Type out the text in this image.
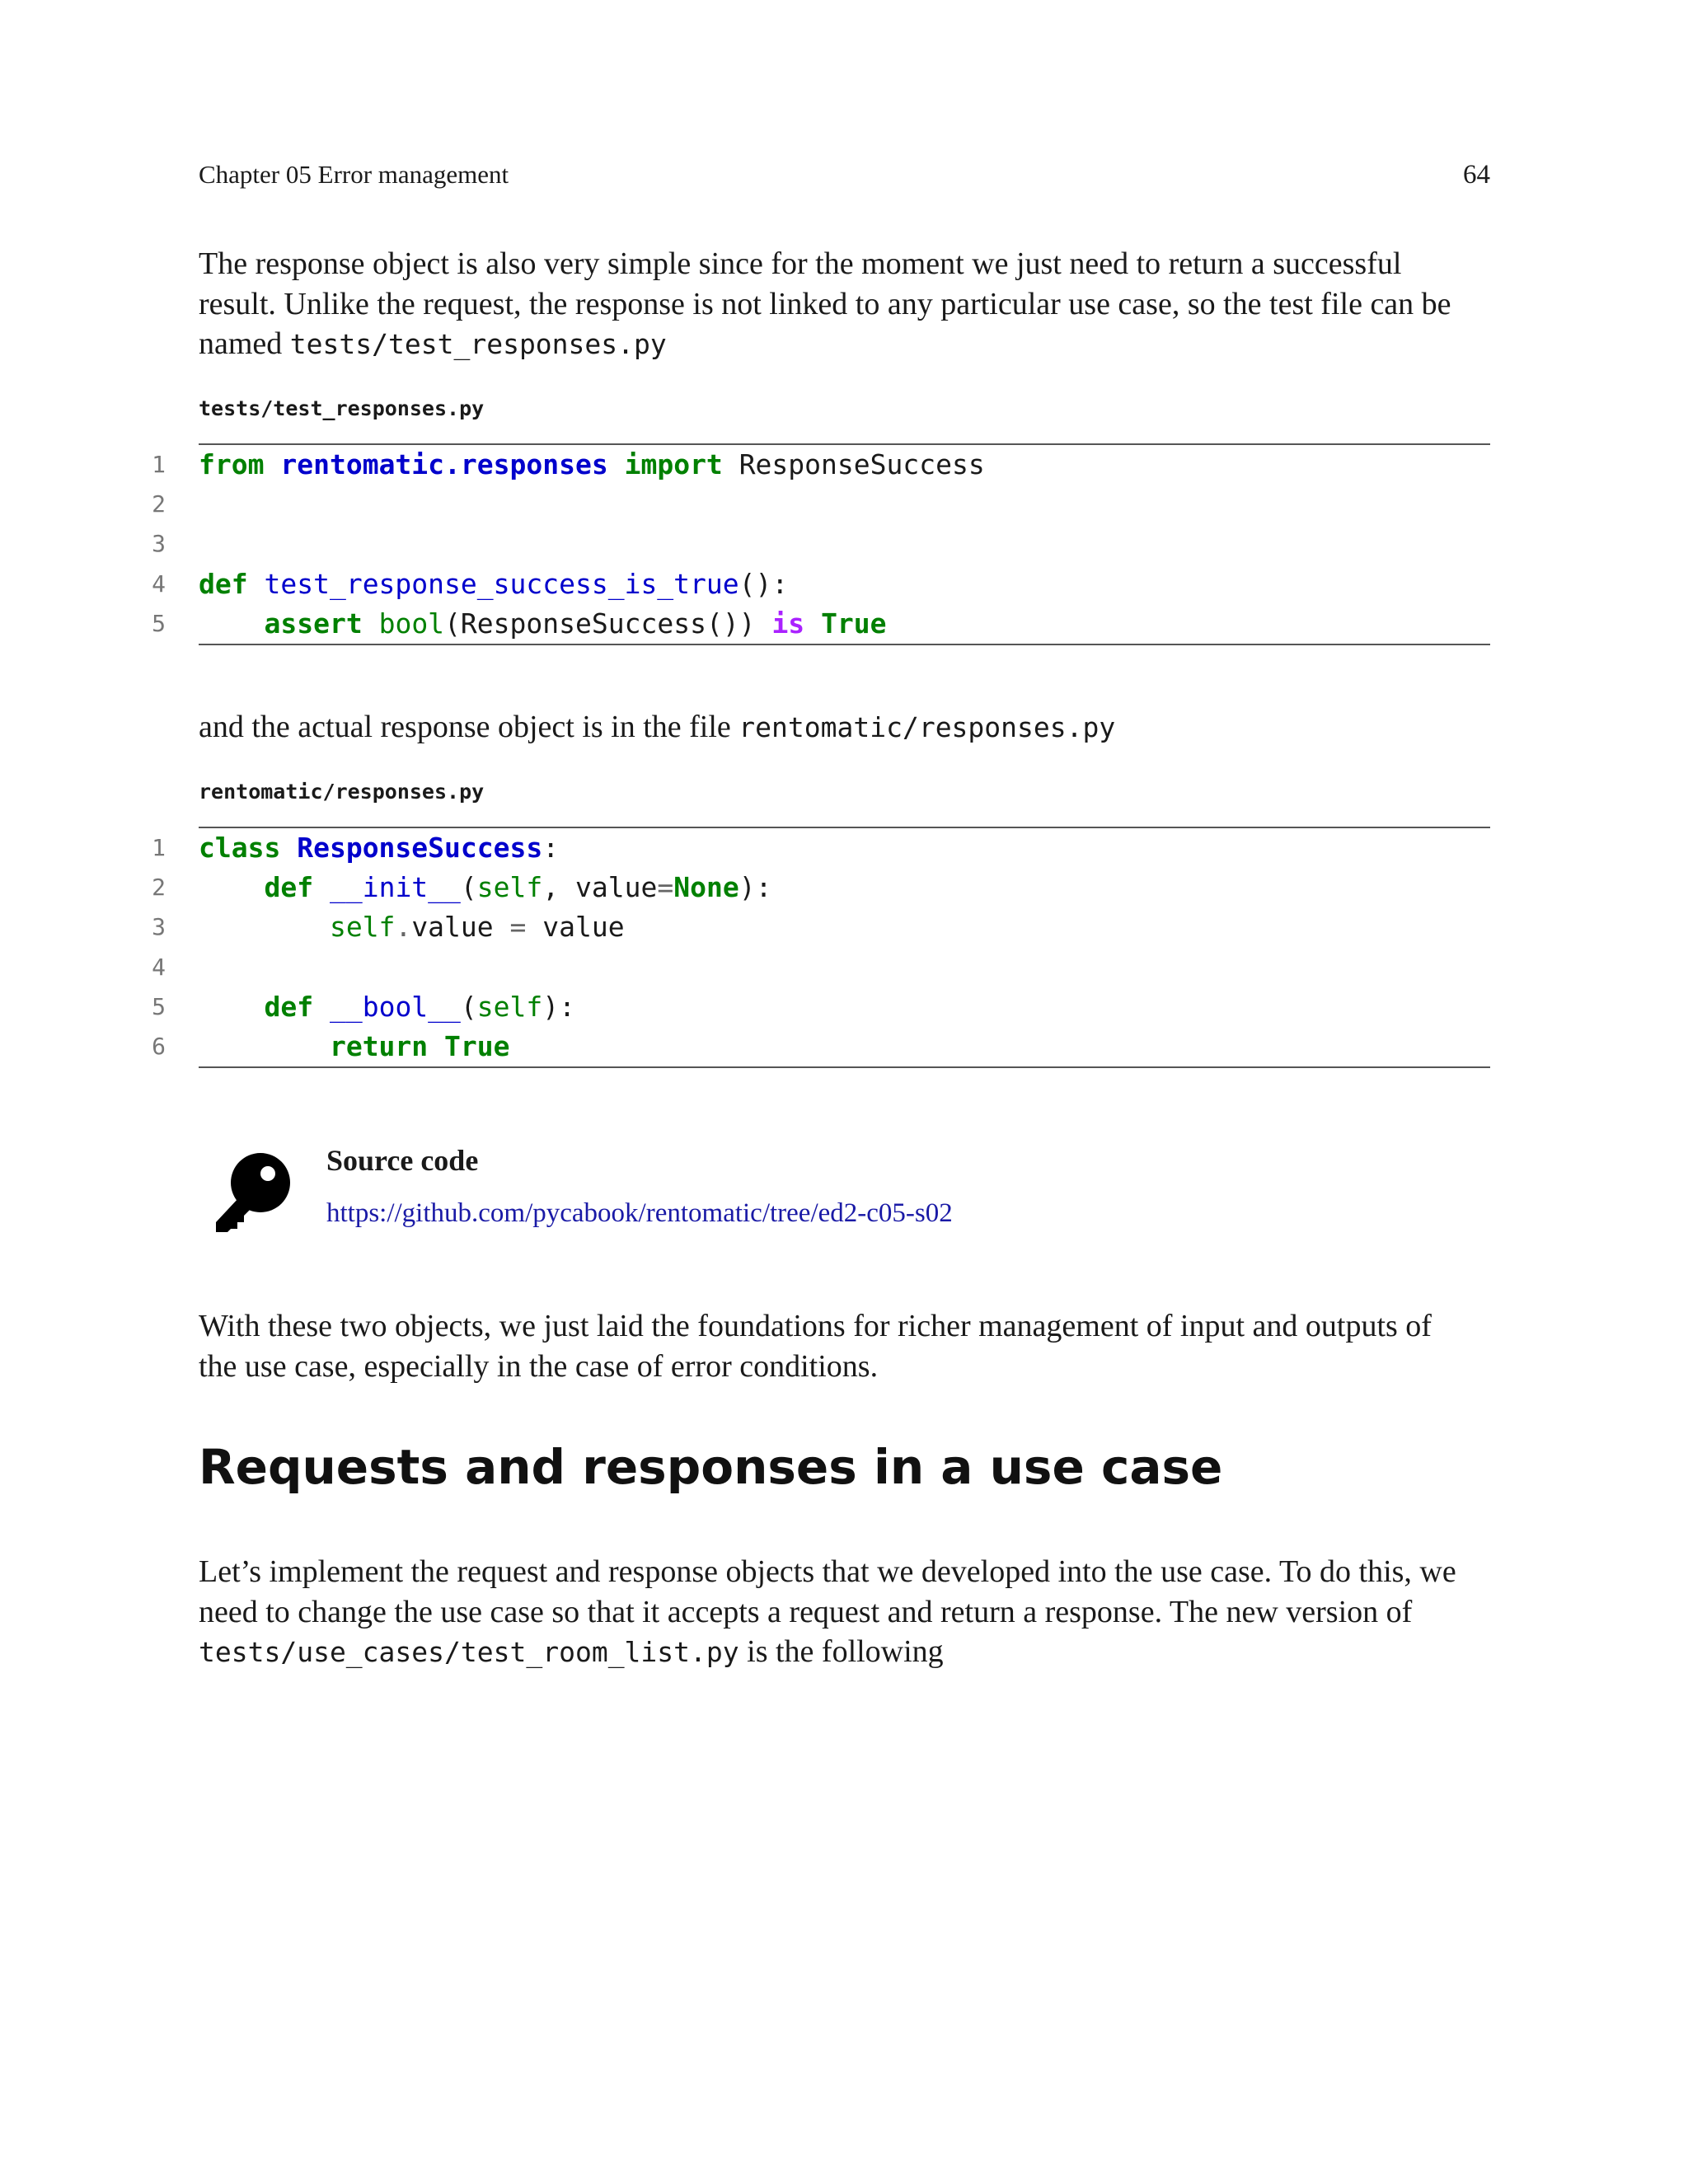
Chapter 05 Error management	64
The response object is also very simple since for the moment we just need to return a successful
result. Unlike the request, the response is not linked to any particular use case, so the test file can be
named tests/test_responses.py
tests/test_responses.py
1 from rentomatic.responses import ResponseSuccess
2
3
4 def test_response_success_is_true():
5	assert bool(ResponseSuccess()) is True
and the actual response object is in the file rentomatic/responses.py
rentomatic/responses.py
1 class ResponseSuccess:
2	def __init__(self, value=None):
3	self.value = value
4
5	def __bool__(self):
6	return True
Source code
https://github.com/pycabook/rentomatic/tree/ed2-c05-s02
With these two objects, we just laid the foundations for richer management of input and outputs of
the use case, especially in the case of error conditions.
Requests and responses in a use case
Let’s implement the request and response objects that we developed into the use case. To do this, we
need to change the use case so that it accepts a request and return a response. The new version of
tests/use_cases/test_room_list.py is the following
